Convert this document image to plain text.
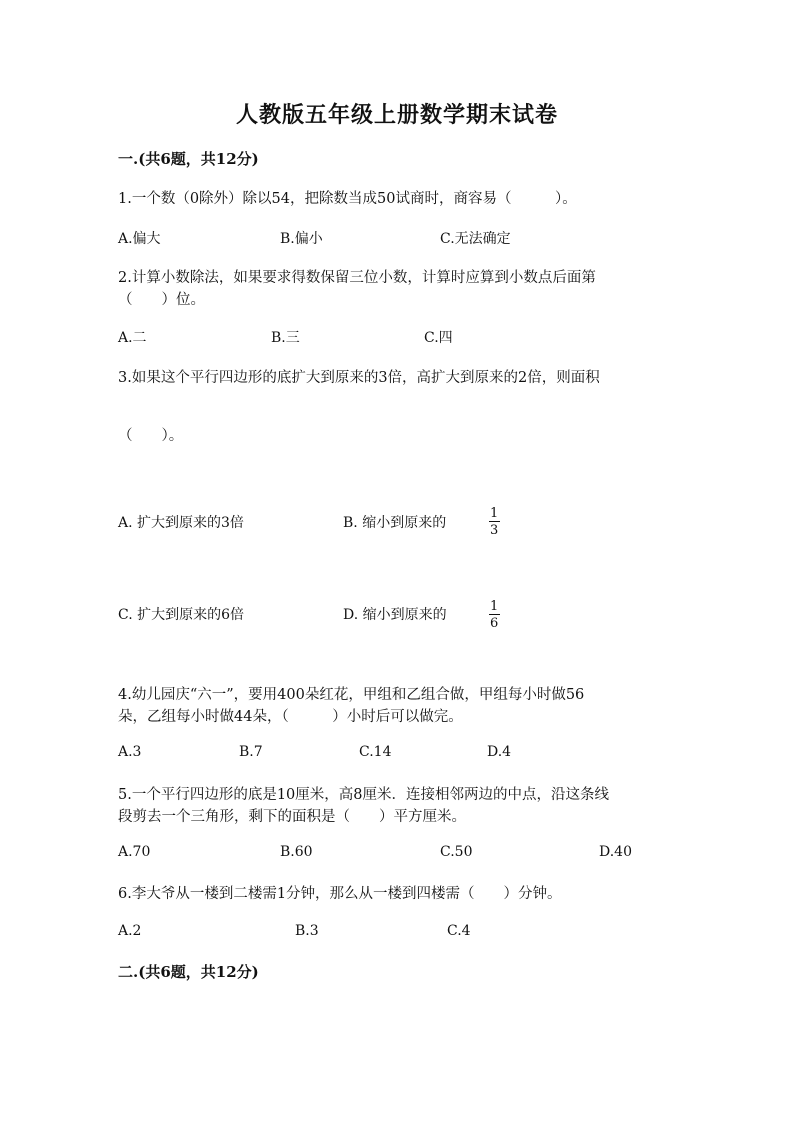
人教版五年级上册数学期末试卷
一.(共6题，共12分)
1.一个数（0除外）除以54，把除数当成50试商时，商容易（　　　）。
A.偏大	B.偏小	C.无法确定
2.计算小数除法，如果要求得数保留三位小数，计算时应算到小数点后面第
（　　）位。
A.二	B.三	C.四
3.如果这个平行四边形的底扩大到原来的3倍，高扩大到原来的2倍，则面积
（　　）。
A. 扩大到原来的3倍	B. 缩小到原来的
1
3
C. 扩大到原来的6倍	D. 缩小到原来的
1
6
4.幼儿园庆“六一”，要用400朵红花，甲组和乙组合做，甲组每小时做56
朵，乙组每小时做44朵，（　　　）小时后可以做完。
A.3	B.7	C.14	D.4
5.一个平行四边形的底是10厘米，高8厘米．连接相邻两边的中点，沿这条线
段剪去一个三角形，剩下的面积是（　　）平方厘米。
A.70	B.60	C.50	D.40
6.李大爷从一楼到二楼需1分钟，那么从一楼到四楼需（　　）分钟。
A.2	B.3	C.4
二.(共6题，共12分)
